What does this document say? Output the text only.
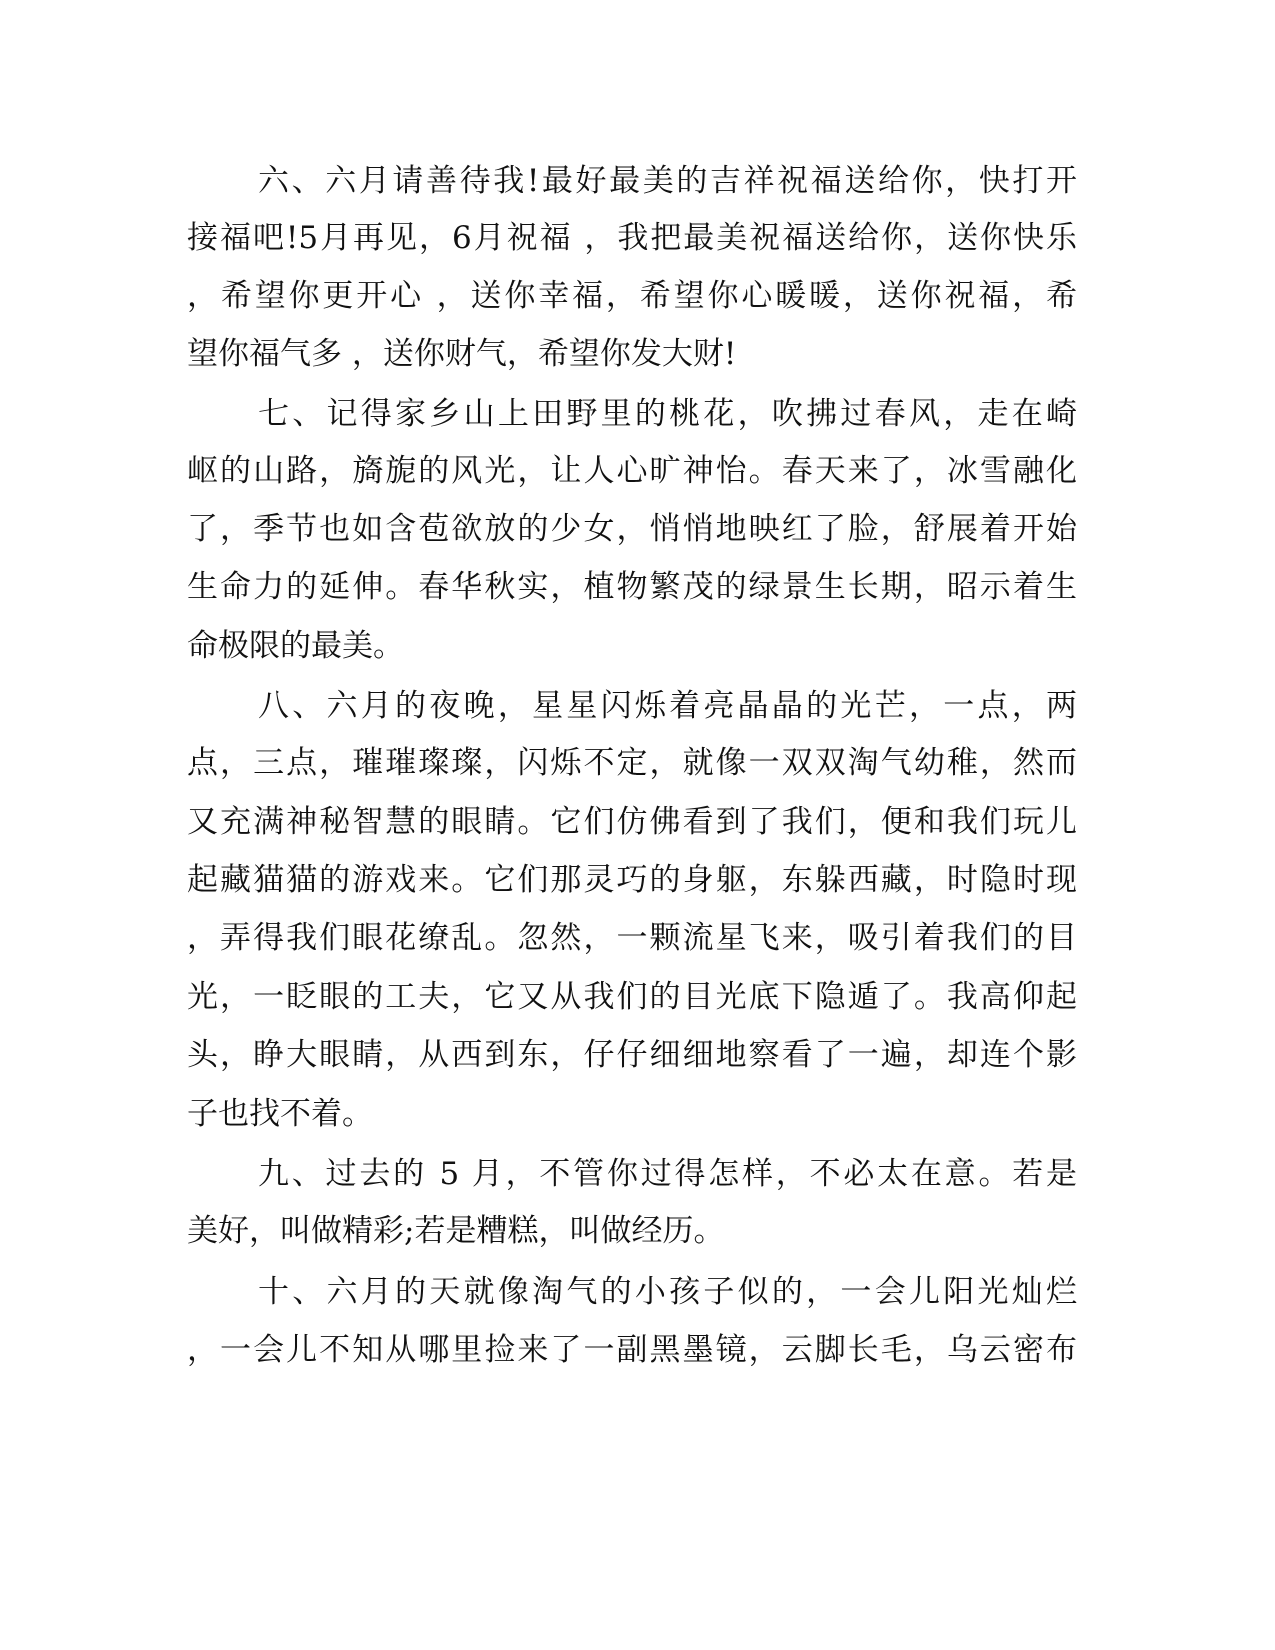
六、六月请善待我!最好最美的吉祥祝福送给你，快打开
接福吧!5月再见，6月祝福 ，我把最美祝福送给你，送你快乐
，希望你更开心 ，送你幸福，希望你心暖暖，送你祝福，希
望你福气多 ，送你财气，希望你发大财!
七、记得家乡山上田野里的桃花，吹拂过春风，走在崎
岖的山路，旖旎的风光，让人心旷神怡。春天来了，冰雪融化
了，季节也如含苞欲放的少女，悄悄地映红了脸，舒展着开始
生命力的延伸。春华秋实，植物繁茂的绿景生长期，昭示着生
命极限的最美。
八、六月的夜晚，星星闪烁着亮晶晶的光芒，一点，两
点，三点，璀璀璨璨，闪烁不定，就像一双双淘气幼稚，然而
又充满神秘智慧的眼睛。它们仿佛看到了我们，便和我们玩儿
起藏猫猫的游戏来。它们那灵巧的身躯，东躲西藏，时隐时现
，弄得我们眼花缭乱。忽然，一颗流星飞来，吸引着我们的目
光，一眨眼的工夫，它又从我们的目光底下隐遁了。我高仰起
头，睁大眼睛，从西到东，仔仔细细地察看了一遍，却连个影
子也找不着。
九、过去的 5 月，不管你过得怎样，不必太在意。若是
美好，叫做精彩;若是糟糕，叫做经历。
十、六月的天就像淘气的小孩子似的，一会儿阳光灿烂
，一会儿不知从哪里捡来了一副黑墨镜，云脚长毛，乌云密布
